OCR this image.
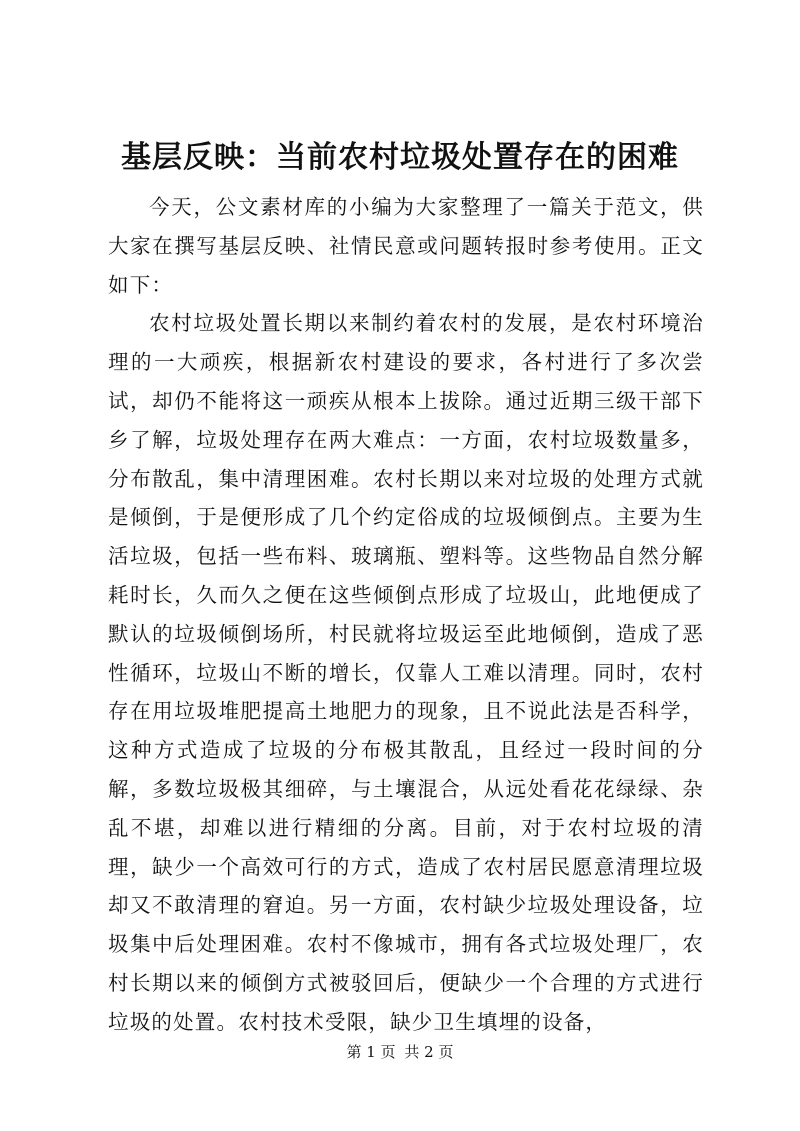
基层反映：当前农村垃圾处置存在的困难

今天，公文素材库的小编为大家整理了一篇关于范文，供大家在撰写基层反映、社情民意或问题转报时参考使用。正文如下：

农村垃圾处置长期以来制约着农村的发展，是农村环境治理的一大顽疾，根据新农村建设的要求，各村进行了多次尝试，却仍不能将这一顽疾从根本上拔除。通过近期三级干部下乡了解，垃圾处理存在两大难点：一方面，农村垃圾数量多，分布散乱，集中清理困难。农村长期以来对垃圾的处理方式就是倾倒，于是便形成了几个约定俗成的垃圾倾倒点。主要为生活垃圾，包括一些布料、玻璃瓶、塑料等。这些物品自然分解耗时长，久而久之便在这些倾倒点形成了垃圾山，此地便成了默认的垃圾倾倒场所，村民就将垃圾运至此地倾倒，造成了恶性循环，垃圾山不断的增长，仅靠人工难以清理。同时，农村存在用垃圾堆肥提高土地肥力的现象，且不说此法是否科学，这种方式造成了垃圾的分布极其散乱，且经过一段时间的分解，多数垃圾极其细碎，与土壤混合，从远处看花花绿绿、杂乱不堪，却难以进行精细的分离。目前，对于农村垃圾的清理，缺少一个高效可行的方式，造成了农村居民愿意清理垃圾却又不敢清理的窘迫。另一方面，农村缺少垃圾处理设备，垃圾集中后处理困难。农村不像城市，拥有各式垃圾处理厂，农村长期以来的倾倒方式被驳回后，便缺少一个合理的方式进行垃圾的处置。农村技术受限，缺少卫生填埋的设备，

第 1 页 共 2 页
